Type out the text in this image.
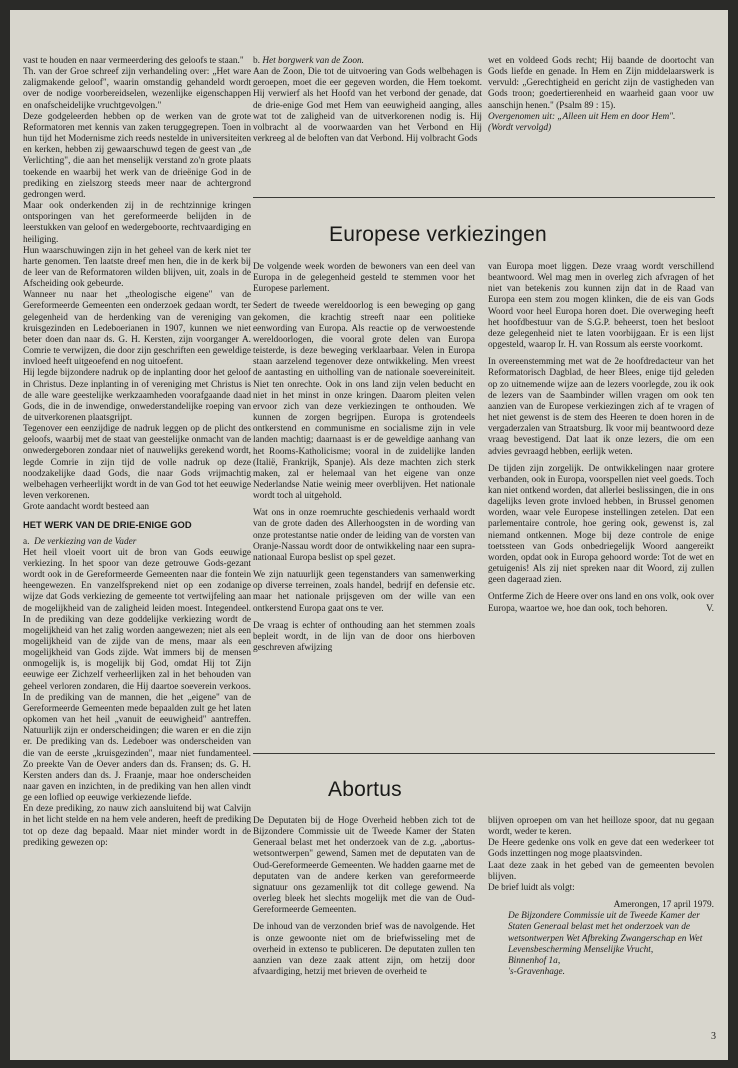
vast te houden en naar vermeerdering des geloofs te staan."

Th. van der Groe schreef zijn verhandeling over: „Het ware zaligmakende geloof", waarin omstandig gehandeld wordt over de nodige voorbereidselen, wezenlijke eigenschappen en onafscheidelijke vruchtgevolgen."

Deze godgeleerden hebben op de werken van de grote Reformatoren met kennis van zaken teruggegrepen. Toen in hun tijd het Modernisme zich reeds nestelde in universiteiten en kerken, hebben zij gewaarschuwd tegen de geest van „de Verlichting", die aan het menselijk verstand zo'n grote plaats toekende en waarbij het werk van de drieënige God in de prediking en zielszorg steeds meer naar de achtergrond gedrongen werd.

Maar ook onderkenden zij in de rechtzinnige kringen ontsporingen van het gereformeerde belijden in de leerstukken van geloof en wedergeboorte, rechtvaardiging en heiliging.

Hun waarschuwingen zijn in het geheel van de kerk niet ter harte genomen. Ten laatste dreef men hen, die in de kerk bij de leer van de Reformatoren wilden blijven, uit, zoals in de Afscheiding ook gebeurde.

Wanneer nu naar het „theologische eigene" van de Gereformeerde Gemeenten een onderzoek gedaan wordt, ter gelegenheid van de herdenking van de vereniging van kruisgezinden en Ledeboerianen in 1907, kunnen we niet beter doen dan naar ds. G. H. Kersten, zijn voorganger A. Comrie te verwijzen, die door zijn geschriften een geweldige invloed heeft uitgeoefend en nog uitoefent.

Hij legde bijzondere nadruk op de inplanting door het geloof in Christus. Deze inplanting in of vereniging met Christus is de alle ware geestelijke werkzaamheden voorafgaande daad Gods, die in de inwendige, onwederstandelijke roeping van de uitverkorenen plaatsgrijpt.

Tegenover een eenzijdige de nadruk leggen op de plicht des geloofs, waarbij met de staat van geestelijke onmacht van de onwedergeboren zondaar niet of nauwelijks gerekend wordt, legde Comrie in zijn tijd de volle nadruk op deze noodzakelijke daad Gods, die naar Gods vrijmachtig welbehagen verheerlijkt wordt in de van God tot het eeuwige leven verkorenen.

Grote aandacht wordt besteed aan

HET WERK VAN DE DRIE-ENIGE GOD

a. De verkiezing van de Vader

Het heil vloeit voort uit de bron van Gods eeuwige verkiezing. In het spoor van deze getrouwe Gods-gezant wordt ook in de Gereformeerde Gemeenten naar die fontein heengewezen. En vanzelfsprekend niet op een zodanige wijze dat Gods verkiezing de gemeente tot vertwijfeling aan de mogelijkheid van de zaligheid leiden moest. Integendeel. In de prediking van deze goddelijke verkiezing wordt de mogelijkheid van het zalig worden aangewezen; niet als een mogelijkheid van de zijde van de mens, maar als een mogelijkheid van Gods zijde. Wat immers bij de mensen onmogelijk is, is mogelijk bij God, omdat Hij tot Zijn eeuwige eer Zichzelf verheerlijken zal in het behouden van geheel verloren zondaren, die Hij daartoe soeverein verkoos. In de prediking van de mannen, die het „eigene" van de Gereformeerde Gemeenten mede bepaalden zult ge het laten opkomen van het heil „vanuit de eeuwigheid" aantreffen. Natuurlijk zijn er onderscheidingen; die waren er en die zijn er. De prediking van ds. Ledeboer was onderscheiden van die van de eerste „kruisgezinden", maar niet fundamenteel. Zo preekte Van de Oever anders dan ds. Fransen; ds. G. H. Kersten anders dan ds. J. Fraanje, maar hoe onderscheiden naar gaven en inzichten, in de prediking van hen allen vindt ge een loflied op eeuwige verkiezende liefde.

En deze prediking, zo nauw zich aansluitend bij wat Calvijn in het licht stelde en na hem vele anderen, heeft de prediking tot op deze dag bepaald. Maar niet minder wordt in de prediking gewezen op:

b. Het borgwerk van de Zoon.

Aan de Zoon, Die tot de uitvoering van Gods welbehagen is geroepen, moet die eer gegeven worden, die Hem toekomt. Hij verwierf als het Hoofd van het verbond der genade, dat de drie-enige God met Hem van eeuwigheid aanging, alles wat tot de zaligheid van de uitverkorenen nodig is. Hij volbracht al de voorwaarden van het Verbond en Hij verkreeg al de beloften van dat Verbond. Hij volbracht Gods

wet en voldeed Gods recht; Hij baande de doortocht van Gods liefde en genade. In Hem en Zijn middelaarswerk is vervuld: „Gerechtigheid en gericht zijn de vastigheden van Gods troon; goedertierenheid en waarheid gaan voor uw aanschijn henen." (Psalm 89 : 15).

Overgenomen uit: „Alleen uit Hem en door Hem".

(Wordt vervolgd)

Europese verkiezingen

De volgende week worden de bewoners van een deel van Europa in de gelegenheid gesteld te stemmen voor het Europese parlement.

Sedert de tweede wereldoorlog is een beweging op gang gekomen, die krachtig streeft naar een politieke eenwording van Europa. Als reactie op de verwoestende wereldoorlogen, die vooral grote delen van Europa teisterde, is deze beweging verklaarbaar. Velen in Europa staan aarzelend tegenover deze ontwikkeling. Men vreest de aantasting en uitholling van de nationale soevereiniteit. Niet ten onrechte. Ook in ons land zijn velen beducht en niet in het minst in onze kringen. Daarom pleiten velen ervoor zich van deze verkiezingen te onthouden. We kunnen de zorgen begrijpen. Europa is grotendeels ontkerstend en communisme en socialisme zijn in vele landen machtig; daarnaast is er de geweldige aanhang van het Rooms-Katholicisme; vooral in de zuidelijke landen (Italië, Frankrijk, Spanje). Als deze machten zich sterk maken, zal er helemaal van het eigene van onze Nederlandse Natie weinig meer overblijven. Het nationale wordt toch al uitgehold.

Wat ons in onze roemruchte geschiedenis verhaald wordt van de grote daden des Allerhoogsten in de wording van onze protestantse natie onder de leiding van de vorsten van Oranje-Nassau wordt door de ontwikkeling naar een supra-nationaal Europa beslist op spel gezet.

We zijn natuurlijk geen tegenstanders van samenwerking op diverse terreinen, zoals handel, bedrijf en defensie etc. maar het nationale prijsgeven om der wille van een ontkerstend Europa gaat ons te ver.

De vraag is echter of onthouding aan het stemmen zoals bepleit wordt, in de lijn van de door ons hierboven geschreven afwijzing

van Europa moet liggen. Deze vraag wordt verschillend beantwoord. Wel mag men in overleg zich afvragen of het niet van betekenis zou kunnen zijn dat in de Raad van Europa een stem zou mogen klinken, die de eis van Gods Woord voor heel Europa horen doet. Die overweging heeft het hoofdbestuur van de S.G.P. beheerst, toen het besloot deze gelegenheid niet te laten voorbijgaan. Er is een lijst opgesteld, waarop Ir. H. van Rossum als eerste voorkomt.

In overeenstemming met wat de 2e hoofdredacteur van het Reformatorisch Dagblad, de heer Blees, enige tijd geleden op zo uitnemende wijze aan de lezers voorlegde, zou ik ook de lezers van de Saambinder willen vragen om ook ten aanzien van de Europese verkiezingen zich af te vragen of het niet gewenst is de stem des Heeren te doen horen in de vergaderzalen van Straatsburg. Ik voor mij beantwoord deze vraag bevestigend. Dat laat ik onze lezers, die om een advies gevraagd hebben, eerlijk weten.

De tijden zijn zorgelijk. De ontwikkelingen naar grotere verbanden, ook in Europa, voorspellen niet veel goeds. Toch kan niet ontkend worden, dat allerlei beslissingen, die in ons dagelijks leven grote invloed hebben, in Brussel genomen worden, waar vele Europese instellingen zetelen. Dat een parlementaire controle, hoe gering ook, gewenst is, zal niemand ontkennen. Moge bij deze controle de enige toetssteen van Gods onbedriegelijk Woord aangereikt worden, opdat ook in Europa gehoord worde: Tot de wet en getuigenis! Als zij niet spreken naar dit Woord, zij zullen geen dageraad zien.

Ontferme Zich de Heere over ons land en ons volk, ook over Europa, waartoe we, hoe dan ook, toch behoren.	V.

Abortus

De Deputaten bij de Hoge Overheid hebben zich tot de Bijzondere Commissie uit de Tweede Kamer der Staten Generaal belast met het onderzoek van de z.g. „abortus-wetsontwerpen" gewend, Samen met de deputaten van de Oud-Gereformeerde Gemeenten. We hadden gaarne met de deputaten van de andere kerken van gereformeerde signatuur ons gezamenlijk tot dit college gewend. Na overleg bleek het slechts mogelijk met die van de Oud-Gereformeerde Gemeenten.

De inhoud van de verzonden brief was de navolgende. Het is onze gewoonte niet om de briefwisseling met de overheid in extenso te publiceren. De deputaten zullen ten aanzien van deze zaak attent zijn, om hetzij door afvaardiging, hetzij met brieven de overheid te

blijven oproepen om van het heilloze spoor, dat nu gegaan wordt, weder te keren.

De Heere gedenke ons volk en geve dat een wederkeer tot Gods inzettingen nog moge plaatsvinden.

Laat deze zaak in het gebed van de gemeenten bevolen blijven.

De brief luidt als volgt:

Amerongen, 17 april 1979.

De Bijzondere Commissie uit de Tweede Kamer der Staten Generaal belast met het onderzoek van de wetsontwerpen Wet Afbreking Zwangerschap en Wet Levensbescherming Menselijke Vrucht,

Binnenhof 1a,

's-Gravenhage.

3
